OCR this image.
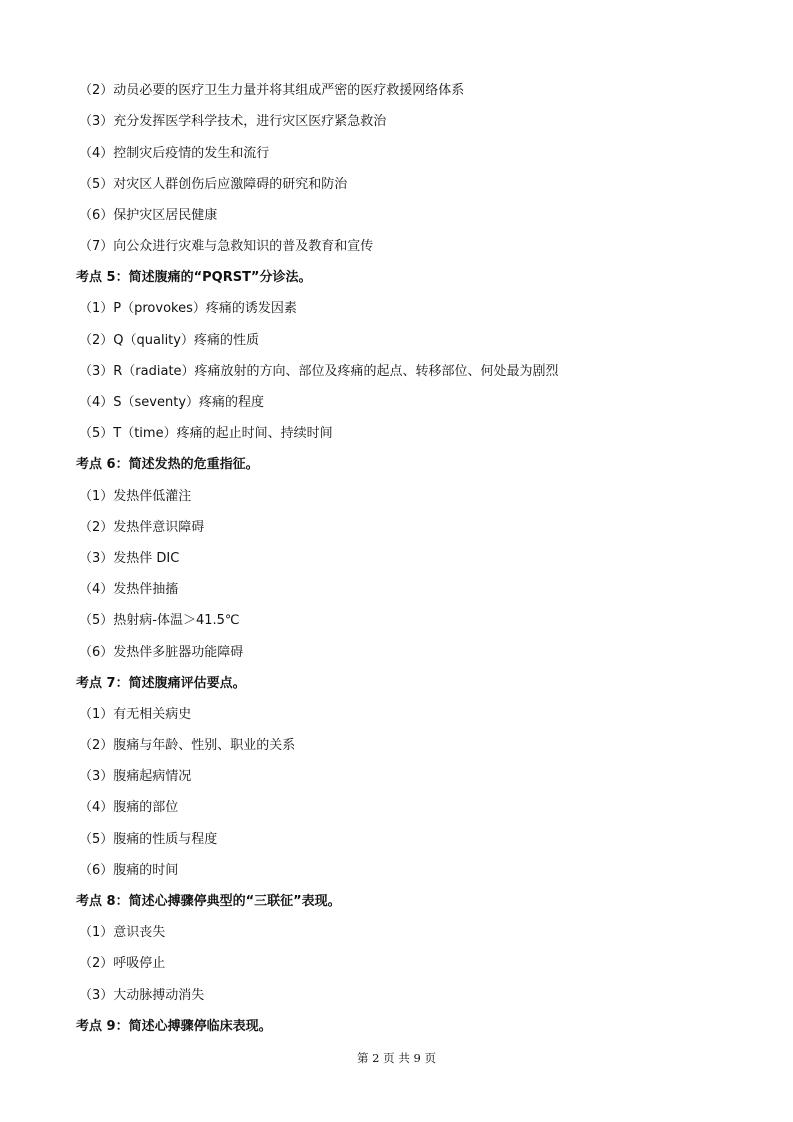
（2）动员必要的医疗卫生力量并将其组成严密的医疗救援网络体系
（3）充分发挥医学科学技术，进行灾区医疗紧急救治
（4）控制灾后疫情的发生和流行
（5）对灾区人群创伤后应激障碍的研究和防治
（6）保护灾区居民健康
（7）向公众进行灾难与急救知识的普及教育和宣传
考点 5：简述腹痛的“PQRST”分诊法。
（1）P（provokes）疼痛的诱发因素
（2）Q（quality）疼痛的性质
（3）R（radiate）疼痛放射的方向、部位及疼痛的起点、转移部位、何处最为剧烈
（4）S（seventy）疼痛的程度
（5）T（time）疼痛的起止时间、持续时间
考点 6：简述发热的危重指征。
（1）发热伴低灌注
（2）发热伴意识障碍
（3）发热伴 DIC
（4）发热伴抽搐
（5）热射病-体温＞41.5℃
（6）发热伴多脏器功能障碍
考点 7：简述腹痛评估要点。
（1）有无相关病史
（2）腹痛与年龄、性别、职业的关系
（3）腹痛起病情况
（4）腹痛的部位
（5）腹痛的性质与程度
（6）腹痛的时间
考点 8：简述心搏骤停典型的“三联征”表现。
（1）意识丧失
（2）呼吸停止
（3）大动脉搏动消失
考点 9：简述心搏骤停临床表现。
第 2 页 共 9 页
